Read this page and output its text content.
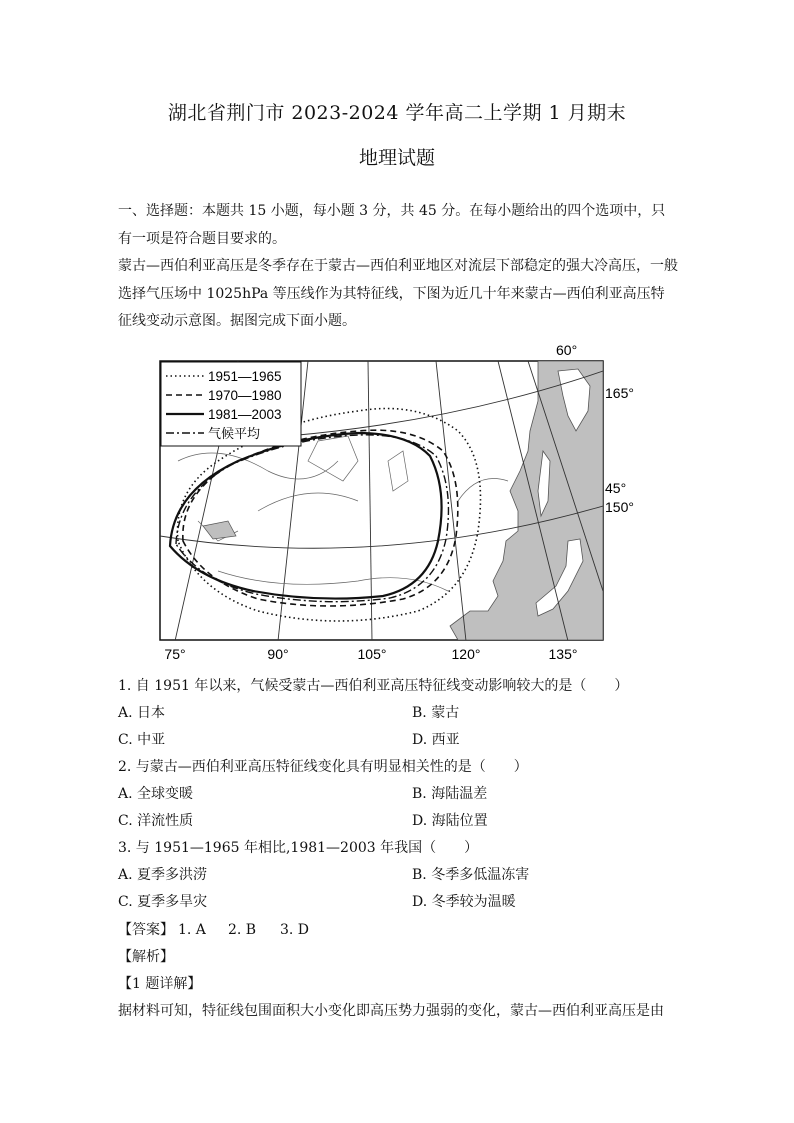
湖北省荆门市 2023-2024 学年高二上学期 1 月期末
地理试题
一、选择题：本题共 15 小题，每小题 3 分，共 45 分。在每小题给出的四个选项中，只有一项是符合题目要求的。
蒙古—西伯利亚高压是冬季存在于蒙古—西伯利亚地区对流层下部稳定的强大冷高压，一般选择气压场中 1025hPa 等压线作为其特征线，下图为近几十年来蒙古—西伯利亚高压特征线变动示意图。据图完成下面小题。
1951—1965
1970—1980
1981—2003
气候平均
60°
165°
45°
150°
75°	90°	105°	120°	135°
1. 自 1951 年以来，气候受蒙古—西伯利亚高压特征线变动影响较大的是（　　）
A. 日本	B. 蒙古
C. 中亚	D. 西亚
2. 与蒙古—西伯利亚高压特征线变化具有明显相关性的是（　　）
A. 全球变暖	B. 海陆温差
C. 洋流性质	D. 海陆位置
3. 与 1951—1965 年相比,1981—2003 年我国（　　）
A. 夏季多洪涝	B. 冬季多低温冻害
C. 夏季多旱灾	D. 冬季较为温暖
【答案】 1. A 2. B 3. D
【解析】
【1 题详解】
据材料可知，特征线包围面积大小变化即高压势力强弱的变化，蒙古—西伯利亚高压是由
